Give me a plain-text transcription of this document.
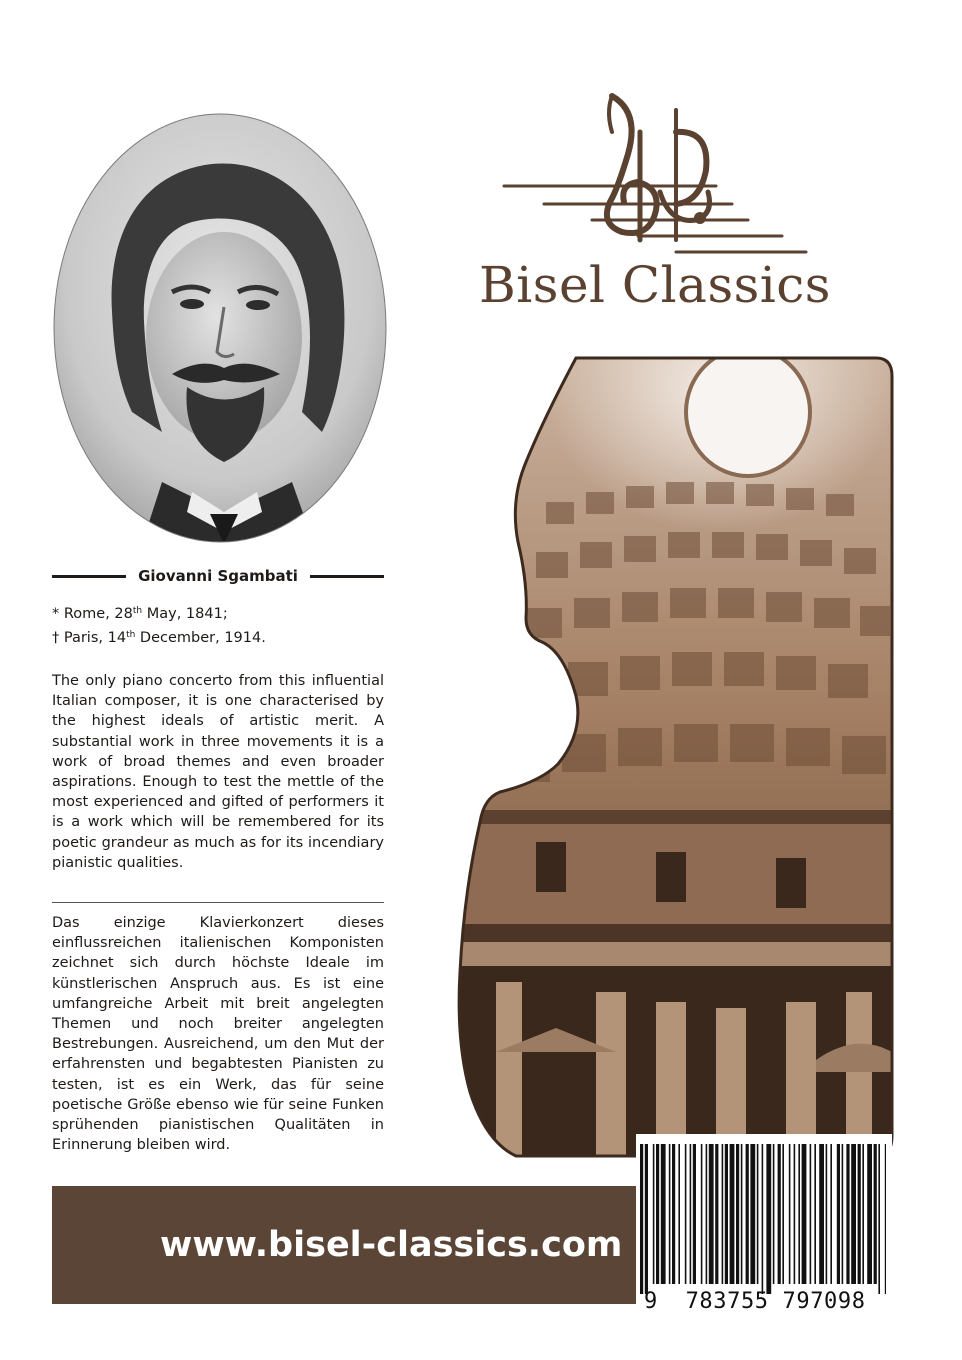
Giovanni Sgambati
* Rome, 28th May, 1841;
† Paris, 14th December, 1914.

The only piano concerto from this influential Italian composer, it is one characterised by the highest ideals of artistic merit. A substantial work in three movements it is a work of broad themes and even broader aspirations. Enough to test the mettle of the most experienced and gifted of performers it is a work which will be remembered for its poetic grandeur as much as for its incendiary pianistic qualities.

Das einzige Klavierkonzert dieses einflussreichen italienischen Komponisten zeichnet sich durch höchste Ideale im künstlerischen Anspruch aus. Es ist eine umfangreiche Arbeit mit breit angelegten Themen und noch breiter angelegten Bestrebungen. Ausreichend, um den Mut der erfahrensten und begabtesten Pianisten zu testen, ist es ein Werk, das für seine poetische Größe ebenso wie für seine Funken sprühenden pianistischen Qualitäten in Erinnerung bleiben wird.

Bisel Classics
www.bisel-classics.com
9 783755 797098
